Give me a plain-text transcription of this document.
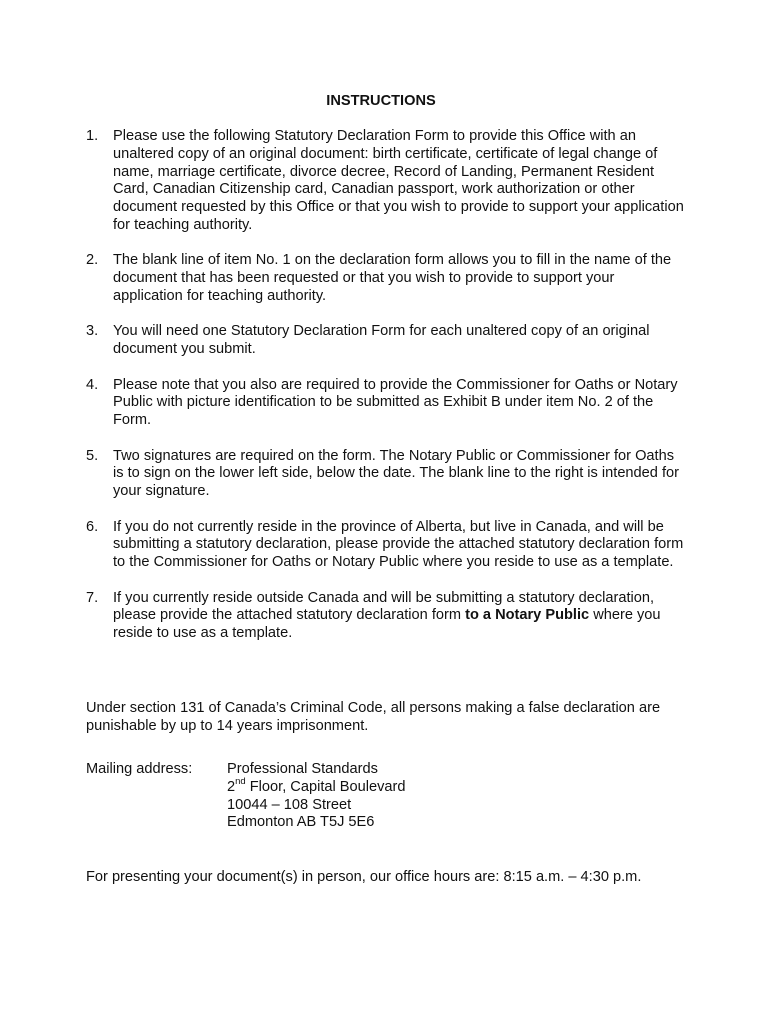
INSTRUCTIONS
1. Please use the following Statutory Declaration Form to provide this Office with an unaltered copy of an original document: birth certificate, certificate of legal change of name, marriage certificate, divorce decree, Record of Landing, Permanent Resident Card, Canadian Citizenship card, Canadian passport, work authorization or other document requested by this Office or that you wish to provide to support your application for teaching authority.
2. The blank line of item No. 1 on the declaration form allows you to fill in the name of the document that has been requested or that you wish to provide to support your application for teaching authority.
3. You will need one Statutory Declaration Form for each unaltered copy of an original document you submit.
4. Please note that you also are required to provide the Commissioner for Oaths or Notary Public with picture identification to be submitted as Exhibit B under item No. 2 of the Form.
5. Two signatures are required on the form. The Notary Public or Commissioner for Oaths is to sign on the lower left side, below the date. The blank line to the right is intended for your signature.
6. If you do not currently reside in the province of Alberta, but live in Canada, and will be submitting a statutory declaration, please provide the attached statutory declaration form to the Commissioner for Oaths or Notary Public where you reside to use as a template.
7. If you currently reside outside Canada and will be submitting a statutory declaration, please provide the attached statutory declaration form to a Notary Public where you reside to use as a template.
Under section 131 of Canada’s Criminal Code, all persons making a false declaration are punishable by up to 14 years imprisonment.
Mailing address: Professional Standards
2nd Floor, Capital Boulevard
10044 – 108 Street
Edmonton AB T5J 5E6
For presenting your document(s) in person, our office hours are: 8:15 a.m. – 4:30 p.m.
